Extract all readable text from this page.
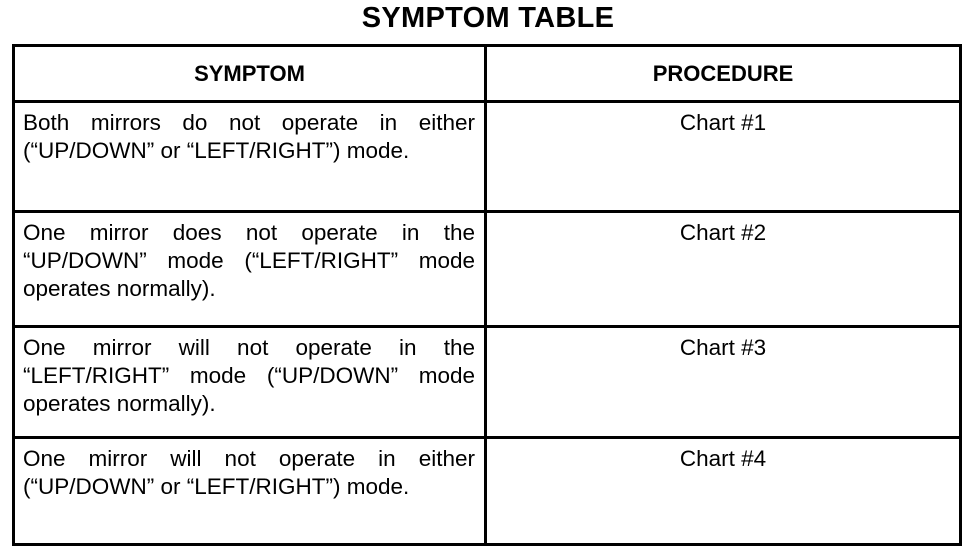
SYMPTOM TABLE
SYMPTOM	PROCEDURE
Both mirrors do not operate in either (“UP/DOWN” or “LEFT/RIGHT”) mode.
Chart #1
One mirror does not operate in the “UP/DOWN” mode (“LEFT/RIGHT” mode operates normally).
Chart #2
One mirror will not operate in the “LEFT/RIGHT” mode (“UP/DOWN” mode operates normally).
Chart #3
One mirror will not operate in either (“UP/DOWN” or “LEFT/RIGHT”) mode.
Chart #4
